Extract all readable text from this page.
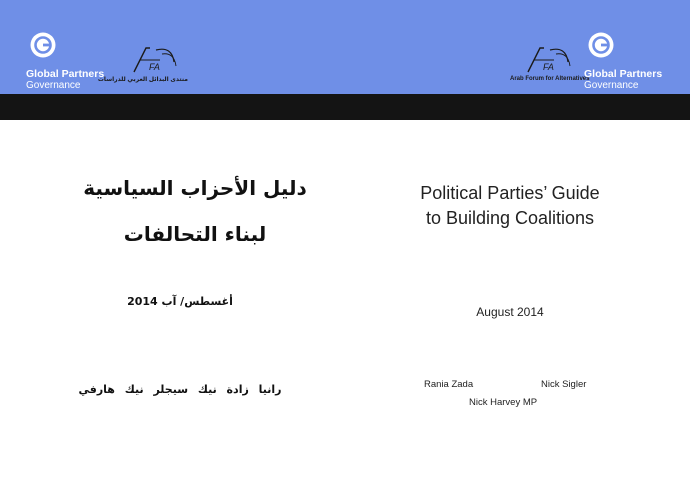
Global Partners
Governance
FA
منتدى البدائل العربي للدراسات
FA
Arab Forum for Alternatives
Global Partners
Governance
دليل الأحزاب السياسية
لبناء التحالفات
أغسطس/ آب 2014
رانيا زادة نيك سيجلر نيك هارفي
Political Parties’ Guide
to Building Coalitions
August 2014
Rania Zada	Nick Sigler
Nick Harvey MP
